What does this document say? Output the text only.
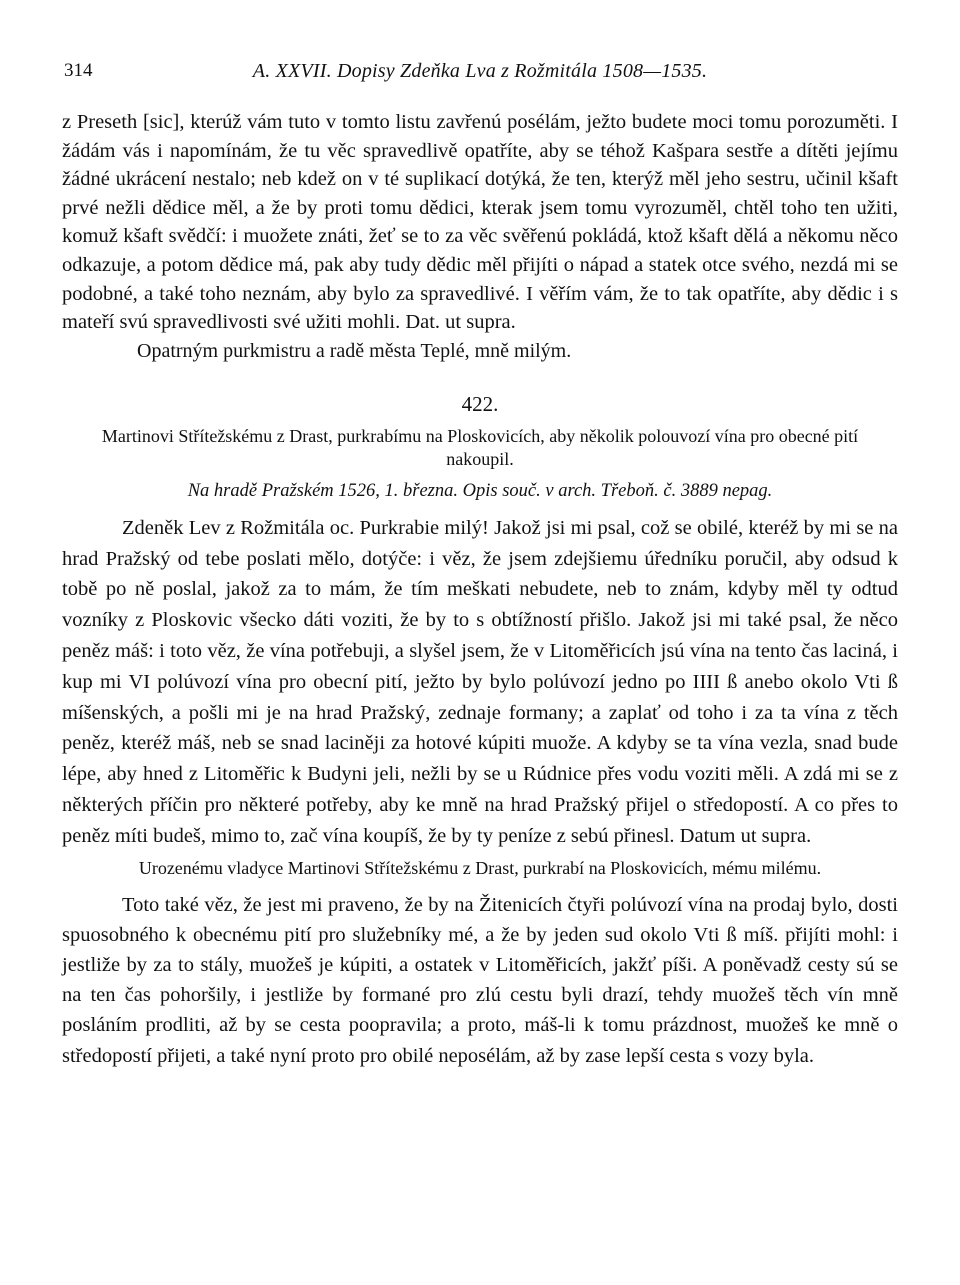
314	A. XXVII. Dopisy Zdeňka Lva z Rožmitála 1508—1535.

z Preseth [sic], kterúž vám tuto v tomto listu zavřenú posélám, ježto budete moci tomu porozuměti. I žádám vás i napomínám, že tu věc spravedlivě opatříte, aby se téhož Kašpara sestře a dítěti jejímu žádné ukrácení nestalo; neb kdež on v té suplikací dotýká, že ten, kterýž měl jeho sestru, učinil kšaft prvé nežli dědice měl, a že by proti tomu dědici, kterak jsem tomu vyrozuměl, chtěl toho ten užiti, komuž kšaft svědčí: i muožete znáti, žeť se to za věc svěřenú pokládá, ktož kšaft dělá a někomu něco odkazuje, a potom dědice má, pak aby tudy dědic měl přijíti o nápad a statek otce svého, nezdá mi se podobné, a také toho neznám, aby bylo za spravedlivé. I věřím vám, že to tak opatříte, aby dědic i s mateří svú spravedlivosti své užiti mohli. Dat. ut supra.

Opatrným purkmistru a radě města Teplé, mně milým.

422.
Martinovi Střítežskému z Drast, purkrabímu na Ploskovicích, aby několik polouvozí vína pro obecné pití nakoupil.
Na hradě Pražském 1526, 1. března. Opis souč. v arch. Třeboň. č. 3889 nepag.

Zdeněk Lev z Rožmitála oc. Purkrabie milý! Jakož jsi mi psal, což se obilé, kteréž by mi se na hrad Pražský od tebe poslati mělo, dotýče: i věz, že jsem zdejšiemu úředníku poručil, aby odsud k tobě po ně poslal, jakož za to mám, že tím meškati nebudete, neb to znám, kdyby měl ty odtud vozníky z Ploskovic všecko dáti voziti, že by to s obtížností přišlo. Jakož jsi mi také psal, že něco peněz máš: i toto věz, že vína potřebuji, a slyšel jsem, že v Litoměřicích jsú vína na tento čas laciná, i kup mi VI polúvozí vína pro obecní pití, ježto by bylo polúvozí jedno po IIII ß anebo okolo Vti ß míšenských, a pošli mi je na hrad Pražský, zednaje formany; a zaplať od toho i za ta vína z těch peněz, kteréž máš, neb se snad laciněji za hotové kúpiti muože. A kdyby se ta vína vezla, snad bude lépe, aby hned z Litoměřic k Budyni jeli, nežli by se u Rúdnice přes vodu voziti měli. A zdá mi se z některých příčin pro některé potřeby, aby ke mně na hrad Pražský přijel o středopostí. A co přes to peněz míti budeš, mimo to, zač vína koupíš, že by ty peníze z sebú přinesl. Datum ut supra.

Urozenému vladyce Martinovi Střítežskému z Drast, purkrabí na Ploskovicích, mému milému.

Toto také věz, že jest mi praveno, že by na Žitenicích čtyři polúvozí vína na prodaj bylo, dosti spuosobného k obecnému pití pro služebníky mé, a že by jeden sud okolo Vti ß míš. přijíti mohl: i jestliže by za to stály, muožeš je kúpiti, a ostatek v Litoměřicích, jakžť píši. A poněvadž cesty sú se na ten čas pohoršily, i jestliže by formané pro zlú cestu byli drazí, tehdy muožeš těch vín mně posláním prodliti, až by se cesta poopravila; a proto, máš-li k tomu prázdnost, muožeš ke mně o středopostí přijeti, a také nyní proto pro obilé neposélám, až by zase lepší cesta s vozy byla.
